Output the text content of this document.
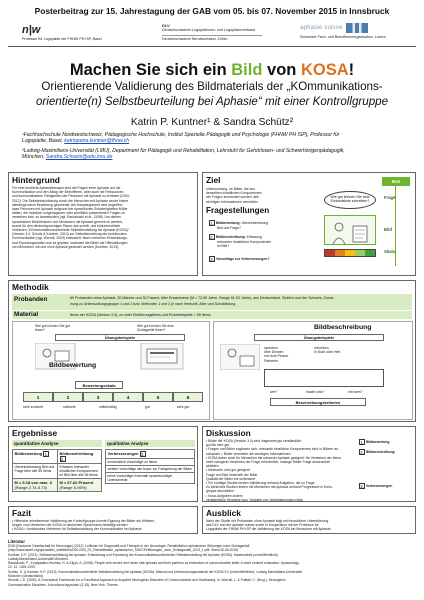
Posterbeitrag zur 15. Jahrestagung der GAB vom 05. bis 07. November 2015 in Innsbruck
n|w
Professur für Logopädie der FHNW PH ISP, Basel
DLV
Deutschschweizer Logopädinnen- und Logopädenverband
Deutschschweizer Berufsverband, Zürich
aphasie suisse
Schweizer Fach- und Betroffenenorganisation, Luzern
Machen Sie sich ein Bild von KOSA!
Orientierende Validierung des Bildmaterials der „KOmmunikations-
orientierte(n) Selbstbeurteilung bei Aphasie“ mit einer Kontrollgruppe
Katrin P. Kuntner¹ & Sandra Schütz²
¹Fachhochschule Nordwestschweiz, Pädagogische Hochschule, Institut Spezielle Pädagogik und Psychologie (FHNW PH ISP), Professur für
Logopädie, Basel, katrinpetra.kuntner@fhnw.ch
²Ludwig-Maximilians-Universität (LMU), Department für Pädagogik und Rehabilitation, Lehrstuhl für Gehörlosen- und Schwerhörigenpädagogik,
München, Sandra.Schuetz@edu.lmu.de
Hintergrund
Für eine fundierte Aphasietherapie sind die Folgen einer Aphasie auf die
Kommunikation und den Alltag der Betroffenen, aber auch die Ressourcen
und kommunikativen Fähigkeiten der Personen mit Aphasie zu erheben (DGN,
2012). Die Selbsteinschätzung durch die Menschen mit Aphasie wurde bisher
allerdings kaum Beachtung geschenkt. Als Hauptargument wird angeführt,
dass Personen mit Aphasie aufgrund der sprachlichen Schwierigkeiten Mühe
hätten, die mündlich vorgetragenen oder schriftlich präsentierten Fragen zu
verstehen bzw. zu beantworten (vgl. Rautakoski et al., 2008). Um diesen
sprachlichen Bedürfnissen von Menschen mit Aphasie gerecht zu werden,
wurde für den deutschsprachigen Raum das schrift- und bildunterstützte
Verfahren „KOmmunikationsorientierte Selbstbeurteilung bei Aphasie (KOSA)“
(Version 3.0; Schütz & Kuntner, 2013) zur Selbstbeurteilung der funktionalen
Kommunikation (vgl. Worrall, 2000) entwickelt. Nach mehreren Entwicklungs-
und Erprobungsstufen war es geplant, inwieweit die Bilder als Hilfestellungen
von Menschen mit und ohne Aphasie gedeutet werden (Kuntner, 2013).
Ziel
Untersuchung, ob Bilder, die aus
denselben inhaltlichen Komponenten
wie Fragen konstruiert wurden, alle
wichtigen Informationen vermitteln.
Fragestellungen
1. Bildbewertung: Übereinstimmung
Bild und Frage?
2. Bildbeschreibung: Erfassung
relevanter inhaltlicher Komponenten
im Bild?
3. Vorschläge zur Verbesserungen?
Wie gut können Sie eine Einkaufsliste schreiben?
Item
Frage
Bild
Skala
Methodik
Probanden	60 Probanden ohne Aphasie, 30 Männer und 30 Frauen; Alter Erwachsene (M = 72,85 Jahre, Range 51-93 Jahre), aus Deutschland, Südtirol und der Schweiz; Zuord-
nung zu Untersuchungsgruppe 1 und 2 bzw. Methoden 1 und 2 je nach Herkunft, Alter und Schulbildung
Material	Items der KOSA (Version 3.0), zu unter Einführungsitems und Probebeispiele = 55 Items
Wie gut können Sie gut lesen?
Wie gut können Sie eine Schlagzeile lesen?
Übungsbeispiele
Bildbewertung
Bewertungsskala
1	2	3	4	5	6
sehr schlecht	schlecht	mittelmäßig	gut	sehr gut
Bildbeschreibung
Übungsbeispiele
sprechen
über Denken
mit nicht Person
Partnerin
schreiben
in Buch oder Heft
wer?	macht was?	mit wem?
Beschreibungskriterien
Ergebnisse
quantitative Analyse	qualitative Analyse
Bildbewertung 1.	Bildbeschreibung 2.
Übereinstimmung Bild und Frage über alle 55 Items	Erfassen relevanter inhaltlicher Komponenten im Bild über alle 55 Items
M = 5.18 von max. 6
(Range 2.74-5.73)	M = 67.62 Prozent
(Range 5-95%)
Verbesserungen 3.
konstruktive Vorschläge zu Items
weitere Vorschläge wie bspw. zur Farbgebung der Bilder
keine Vorschläge innerhalb sprachkundiger Unterschiede
Diskussion
• Bilder der KOSA (Version 3.0) sind insgesamt gut verständlich
gut bis sehr gut
• Fragen und Bilder ergänzen sich, relevante inhaltliche Komponenten sind in Bildern an-
schaulich = Bilder vermitteln die wichtigen Informationen
• KOSA daher auch für Menschen mit schwerer Aphasie geeignet: für Verstehen der Items
nicht zwingend Verstehen der Frage erforderlich, solange Bilder Frage anschaulich
abbilden
• Methoden sind gut geeignet
Frage und Bild innerhalb der Bilde
Qualität der Bilder bis verbessert
• Für künftige Studien testen Validierung anhand Aufgaben, die zu Frage
Zu ähnliches Studien testen mit Menschen mit Aphasie anhand Progressive in Kons-
gruppe abzubilden
• Kosa-Aufgaben zudem
verständliche Hinweise bzw. Vorgabe von Verbalisierungen nötig
1. Bildbewertung
2. Bildbeschreibung
3. Verbesserungen
Fazit
• Hilfreiche orientierende Validierung der Kontrollgruppe konnte Eignung der Bilder als Hilfestel-
lungen zum Verstehen der KOSA-in deutschen Sprachraum bestätigt werden
• KOSA = funktionales Verfahren für Selbstbeurteilung der Kommunikation bei Aphasie
Ausblick
Nach der Studie mit Probanden ohne Aphasie folgt mit freundlicher Unterstützung
des DLV und der aphasie suisse sowie in Kooperation mit der Professur für
Logopädie der FHNW PH ISP die Validierung der KOSA bei Menschen mit Aphasie.
Literatur
DGN (Deutsche Gesellschaft für Neurologie) (2012). Leitlinien für Diagnostik und Therapie in der Neurologie. Rehabilitation aphasischer Störungen nach Schlaganfall
(http://www.awmf.org/uploads/tx_szleitlinien/030-090l_S1_Rehabilitation_aphasischer_St%C3%B6rungen_nach_Schlaganfall_2013_1.pdf; Stand 30.06.2015)
Kuntner, K.P. (2013). Selbsteinschätzung bei Aphasie. Entwicklung und Erprobung der Kommunikationsorientierten Selbstbeurteilung bei Aphasie (KOSA). Masterarbeit (unveröffentlicht).
Ludwig-Maximilians-Universität München.
Rautakoski, P., Korpijaakko-Huuhka, H. & Klippi, A. (2008). People with severe and mode rate aphasia and their partners as estimators of communicative skills: A client centred evaluation. Aphasiology,
22, 12, 1269-1293.
Schütz, S. & Kuntner, K.P. (2013). Kommunikationsorientierte Selbstbeurteilung bei Aphasie (KOSA). Manual und Untersuchungsmaterial der KOSA 3.0 (unveröffentlicht). Ludwig-Maximilians-Universität
München (Deutschland)
Worrall, L.E. (2000). A Conceptual Framework for a Functional Approach to Acquired Neurogenic Disorders of Communication and Swallowing. In: Worrall, L. & Frattali, C. (Hrsg.), Neurogenic
Communication Disorders. A functional approach (3-18). New York: Thieme.
